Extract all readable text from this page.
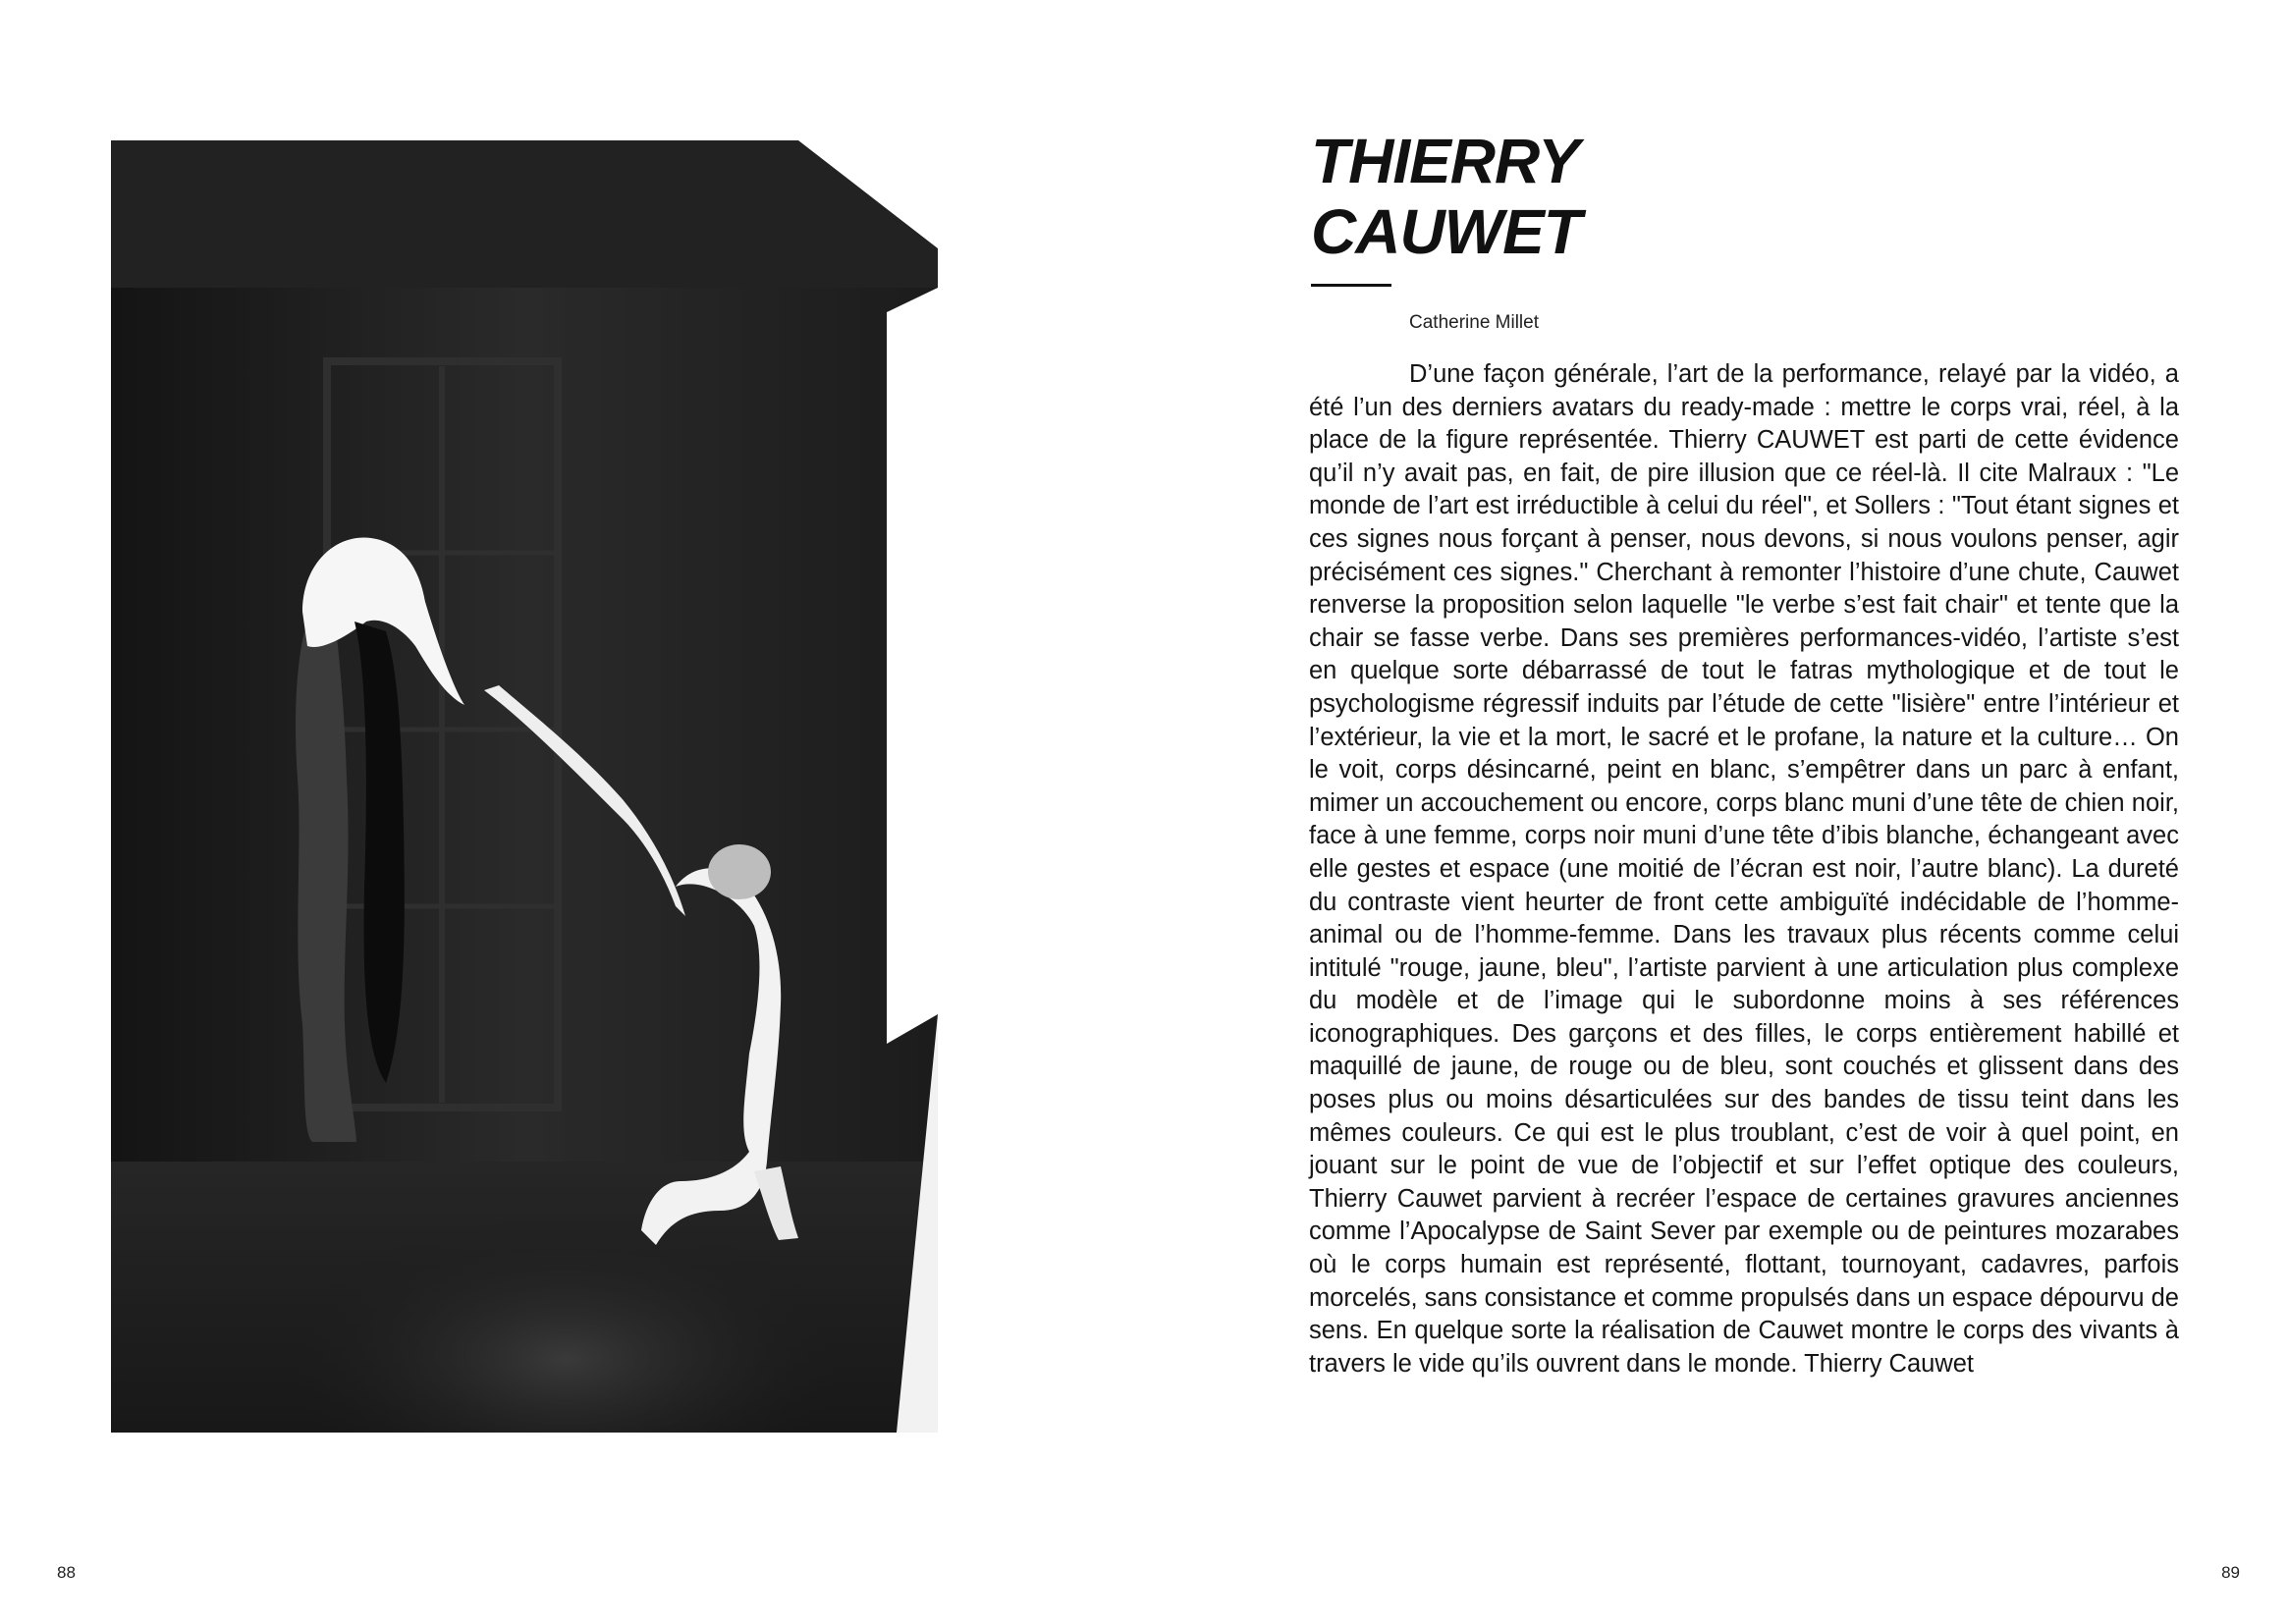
88
THIERRY
CAUWET
Catherine Millet

D’une façon générale, l’art de la performance, relayé par la vidéo, a été l’un des derniers avatars du ready-made : mettre le corps vrai, réel, à la place de la figure représentée. Thierry CAUWET est parti de cette évidence qu’il n’y avait pas, en fait, de pire illusion que ce réel-là. Il cite Malraux : "Le monde de l’art est irréductible à celui du réel", et Sollers : "Tout étant signes et ces signes nous forçant à penser, nous devons, si nous voulons penser, agir précisément ces signes." Cherchant à remonter l’histoire d’une chute, Cauwet renverse la proposition selon laquelle "le verbe s’est fait chair" et tente que la chair se fasse verbe. Dans ses premières performances-vidéo, l’artiste s’est en quelque sorte débarrassé de tout le fatras mythologique et de tout le psychologisme régressif induits par l’étude de cette "lisière" entre l’intérieur et l’extérieur, la vie et la mort, le sacré et le profane, la nature et la culture… On le voit, corps désincarné, peint en blanc, s’empêtrer dans un parc à enfant, mimer un accouchement ou encore, corps blanc muni d’une tête de chien noir, face à une femme, corps noir muni d’une tête d’ibis blanche, échangeant avec elle gestes et espace (une moitié de l’écran est noir, l’autre blanc). La dureté du contraste vient heurter de front cette ambiguïté indécidable de l’homme-animal ou de l’homme-femme. Dans les travaux plus récents comme celui intitulé "rouge, jaune, bleu", l’artiste parvient à une articulation plus complexe du modèle et de l’image qui le subordonne moins à ses références iconographiques. Des garçons et des filles, le corps entièrement habillé et maquillé de jaune, de rouge ou de bleu, sont couchés et glissent dans des poses plus ou moins désarticulées sur des bandes de tissu teint dans les mêmes couleurs. Ce qui est le plus troublant, c’est de voir à quel point, en jouant sur le point de vue de l’objectif et sur l’effet optique des couleurs, Thierry Cauwet parvient à recréer l’espace de certaines gravures anciennes comme l’Apocalypse de Saint Sever par exemple ou de peintures mozarabes où le corps humain est représenté, flottant, tournoyant, cadavres, parfois morcelés, sans consistance et comme propulsés dans un espace dépourvu de sens. En quelque sorte la réalisation de Cauwet montre le corps des vivants à travers le vide qu’ils ouvrent dans le monde. Thierry Cauwet

89
